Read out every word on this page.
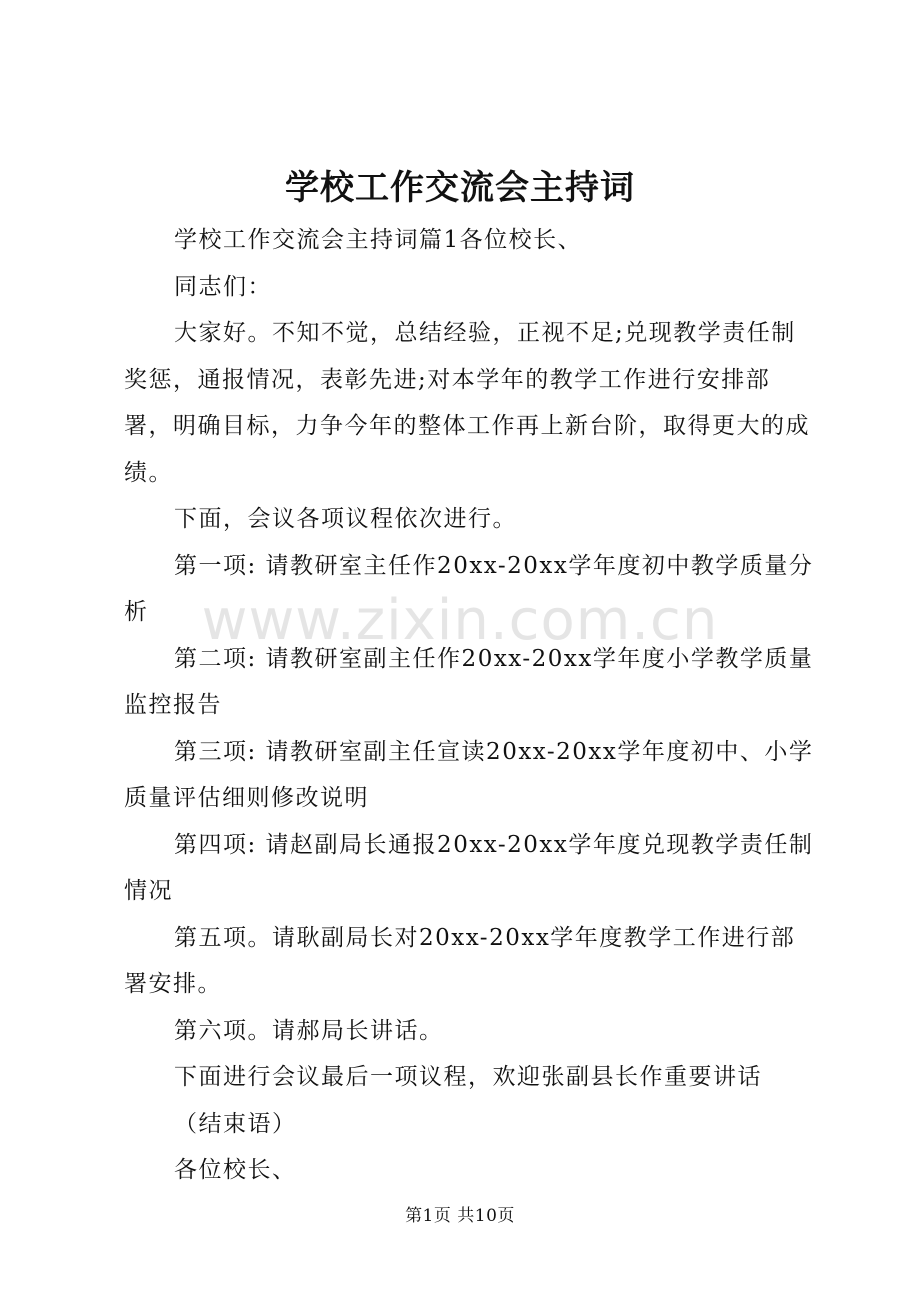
学校工作交流会主持词

学校工作交流会主持词篇1各位校长、

同志们：

大家好。不知不觉，总结经验，正视不足;兑现教学责任制奖惩，通报情况，表彰先进;对本学年的教学工作进行安排部署，明确目标，力争今年的整体工作再上新台阶，取得更大的成绩。

下面，会议各项议程依次进行。

第一项: 请教研室主任作20xx-20xx学年度初中教学质量分析

第二项: 请教研室副主任作20xx-20xx学年度小学教学质量监控报告

第三项: 请教研室副主任宣读20xx-20xx学年度初中、小学质量评估细则修改说明

第四项: 请赵副局长通报20xx-20xx学年度兑现教学责任制情况

第五项。请耿副局长对20xx-20xx学年度教学工作进行部署安排。

第六项。请郝局长讲话。

下面进行会议最后一项议程，欢迎张副县长作重要讲话

（结束语）

各位校长、

www.zixin.com.cn
第1页 共10页
